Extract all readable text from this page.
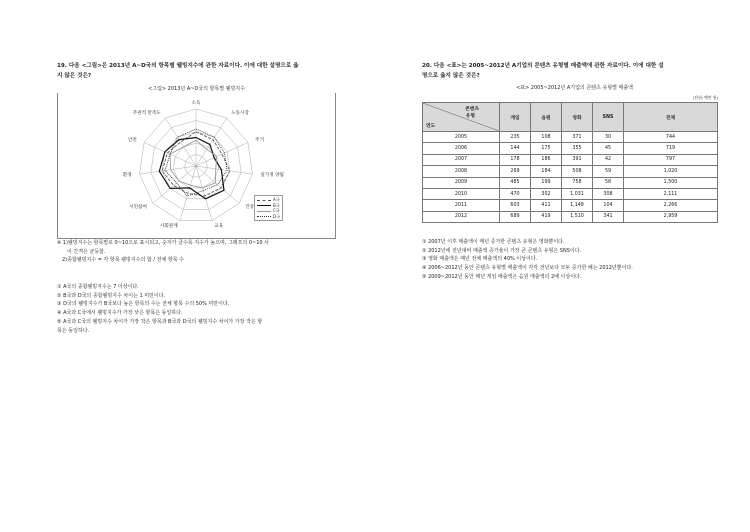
19. 다음 <그림>은 2013년 A~D국의 항목별 웰빙지수에 관한 자료이다. 이에 대한 설명으로 옳
지 않은 것은?
<그림> 2013년 A~D국의 항목별 웰빙지수
소득
노동시장
주거
일가정 양립
건강
교육
사회관계
시민참여
환경
안전
주관적 만족도
A국
B국
C국
D국
※ 1)웰빙지수는 항목별로 0~10으로 표시되고, 숫자가 클수록 지수가 높으며, 그래프의 0~10 사
이 간격은 균등함.
2)종합웰빙지수 = 각 항목 웰빙지수의 합 / 전체 항목 수
① A국의 종합웰빙지수는 7 이상이다.
② B국과 D국의 종합웰빙지수 차이는 1 미만이다.
③ D국의 웰빙지수가 B국보다 높은 항목의 수는 전체 항목 수의 50% 미만이다.
④ A국과 C국에서 웰빙지수가 가장 낮은 항목은 동일하다.
⑤ A국과 C국의 웰빙지수 차이가 가장 작은 항목과 B국과 D국의 웰빙지수 차이가 가장 작은 항
목은 동일하다.
20. 다음 <표>는 2005~2012년 A기업의 콘텐츠 유형별 매출액에 관한 자료이다. 이에 대한 설
명으로 옳지 않은 것은?
<표> 2005~2012년 A기업의 콘텐츠 유형별 매출액
(단위: 백만 원)
콘텐츠
유형
연도	게임	음원	영화	SNS	전체
2005	235	108	371	30	744
2006	144	175	355	45	719
2007	178	186	391	42	797
2008	269	184	508	59	1,020
2009	485	199	758	58	1,500
2010	470	302	1,031	308	2,111
2011	603	411	1,148	104	2,266
2012	689	419	1,510	341	2,959
① 2007년 이후 매출액이 매년 증가한 콘텐츠 유형은 영화뿐이다.
② 2012년에 전년대비 매출액 증가율이 가장 큰 콘텐츠 유형은 SNS이다.
③ 영화 매출액은 매년 전체 매출액의 40% 이상이다.
④ 2006~2012년 동안 콘텐츠 유형별 매출액이 각각 전년보다 모두 증가한 해는 2012년뿐이다.
⑤ 2009~2012년 동안 매년 게임 매출액은 음원 매출액의 2배 이상이다.
